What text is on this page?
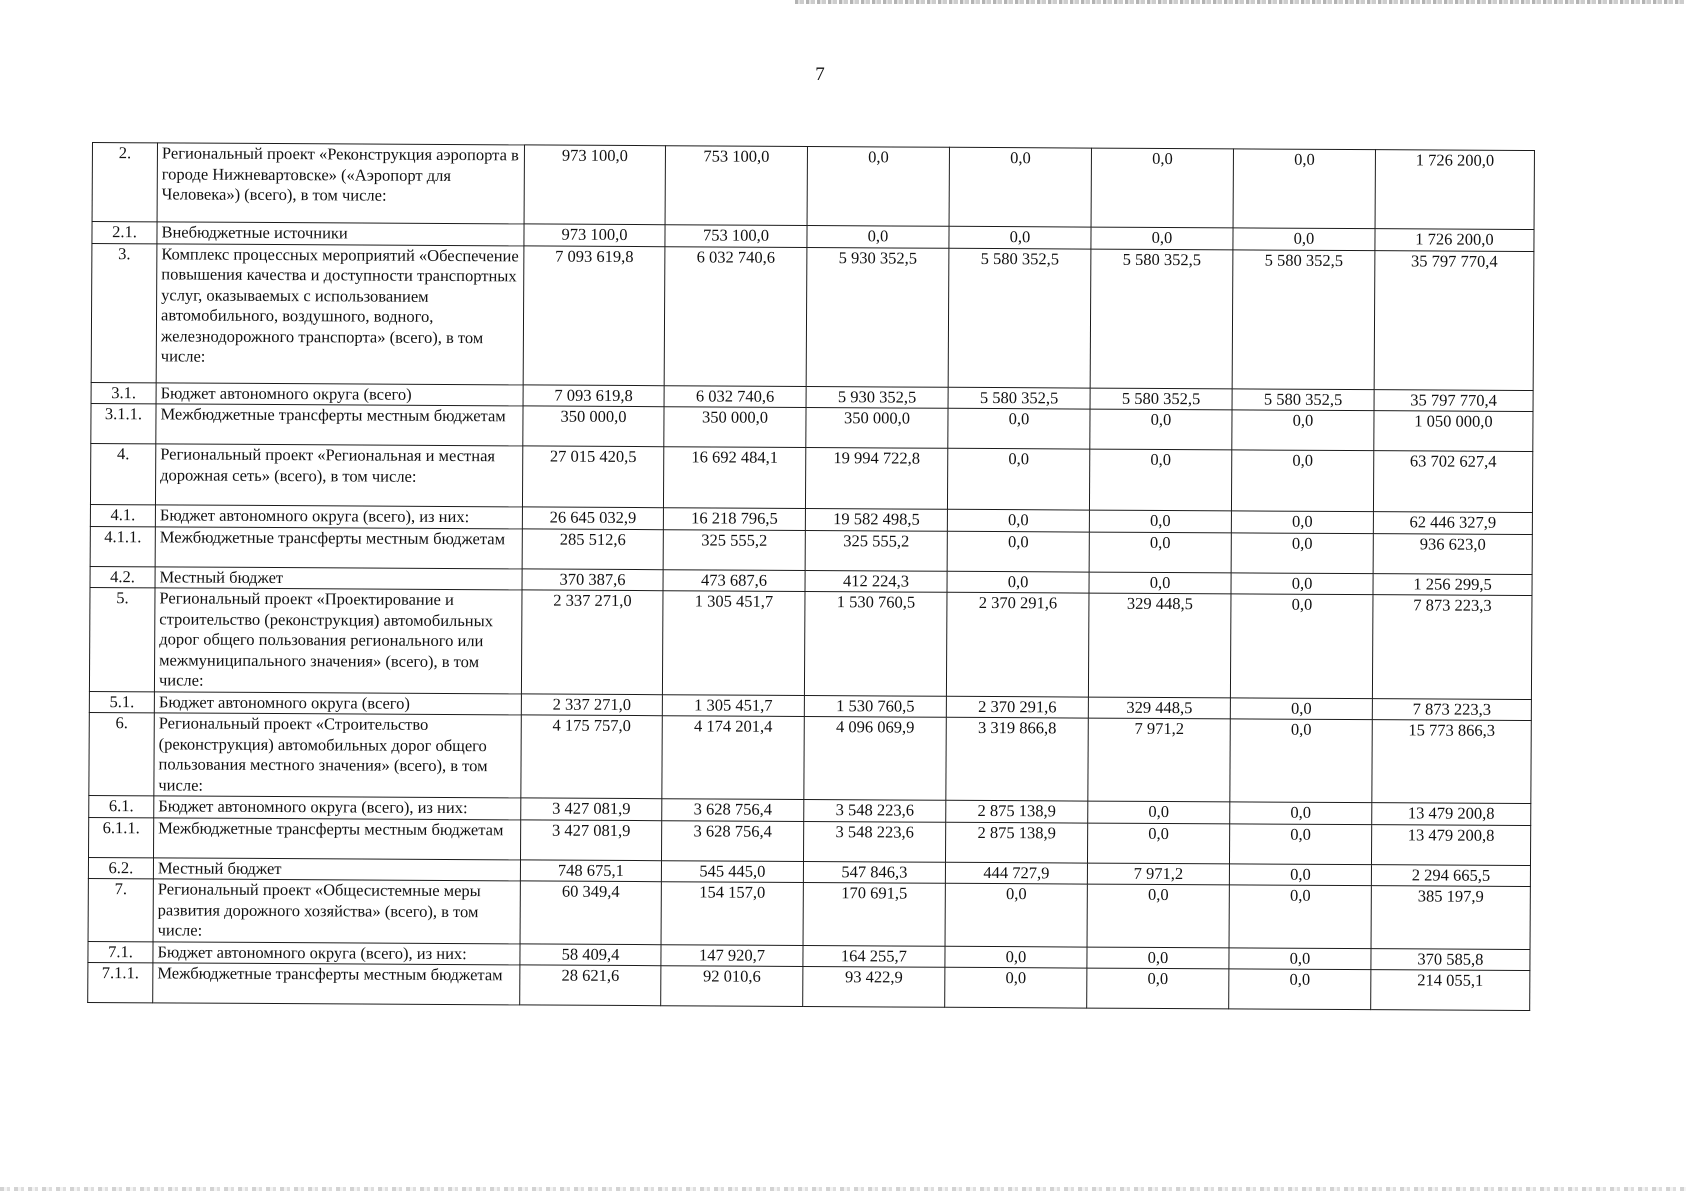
7
2.	Региональный проект «Реконструкция аэропорта в городе Нижневартовске» («Аэропорт для Человека») (всего), в том числе:	973 100,0	753 100,0	0,0	0,0	0,0	0,0	1 726 200,0
2.1.	Внебюджетные источники	973 100,0	753 100,0	0,0	0,0	0,0	0,0	1 726 200,0
3.	Комплекс процессных мероприятий «Обеспечение повышения качества и доступности транспортных услуг, оказываемых с использованием автомобильного, воздушного, водного, железнодорожного транспорта» (всего), в том числе:	7 093 619,8	6 032 740,6	5 930 352,5	5 580 352,5	5 580 352,5	5 580 352,5	35 797 770,4
3.1.	Бюджет автономного округа (всего)	7 093 619,8	6 032 740,6	5 930 352,5	5 580 352,5	5 580 352,5	5 580 352,5	35 797 770,4
3.1.1.	Межбюджетные трансферты местным бюджетам	350 000,0	350 000,0	350 000,0	0,0	0,0	0,0	1 050 000,0
4.	Региональный проект «Региональная и местная дорожная сеть» (всего), в том числе:	27 015 420,5	16 692 484,1	19 994 722,8	0,0	0,0	0,0	63 702 627,4
4.1.	Бюджет автономного округа (всего), из них:	26 645 032,9	16 218 796,5	19 582 498,5	0,0	0,0	0,0	62 446 327,9
4.1.1.	Межбюджетные трансферты местным бюджетам	285 512,6	325 555,2	325 555,2	0,0	0,0	0,0	936 623,0
4.2.	Местный бюджет	370 387,6	473 687,6	412 224,3	0,0	0,0	0,0	1 256 299,5
5.	Региональный проект «Проектирование и строительство (реконструкция) автомобильных дорог общего пользования регионального или межмуниципального значения» (всего), в том числе:	2 337 271,0	1 305 451,7	1 530 760,5	2 370 291,6	329 448,5	0,0	7 873 223,3
5.1.	Бюджет автономного округа (всего)	2 337 271,0	1 305 451,7	1 530 760,5	2 370 291,6	329 448,5	0,0	7 873 223,3
6.	Региональный проект «Строительство (реконструкция) автомобильных дорог общего пользования местного значения» (всего), в том числе:	4 175 757,0	4 174 201,4	4 096 069,9	3 319 866,8	7 971,2	0,0	15 773 866,3
6.1.	Бюджет автономного округа (всего), из них:	3 427 081,9	3 628 756,4	3 548 223,6	2 875 138,9	0,0	0,0	13 479 200,8
6.1.1.	Межбюджетные трансферты местным бюджетам	3 427 081,9	3 628 756,4	3 548 223,6	2 875 138,9	0,0	0,0	13 479 200,8
6.2.	Местный бюджет	748 675,1	545 445,0	547 846,3	444 727,9	7 971,2	0,0	2 294 665,5
7.	Региональный проект «Общесистемные меры развития дорожного хозяйства» (всего), в том числе:	60 349,4	154 157,0	170 691,5	0,0	0,0	0,0	385 197,9
7.1.	Бюджет автономного округа (всего), из них:	58 409,4	147 920,7	164 255,7	0,0	0,0	0,0	370 585,8
7.1.1.	Межбюджетные трансферты местным бюджетам	28 621,6	92 010,6	93 422,9	0,0	0,0	0,0	214 055,1
